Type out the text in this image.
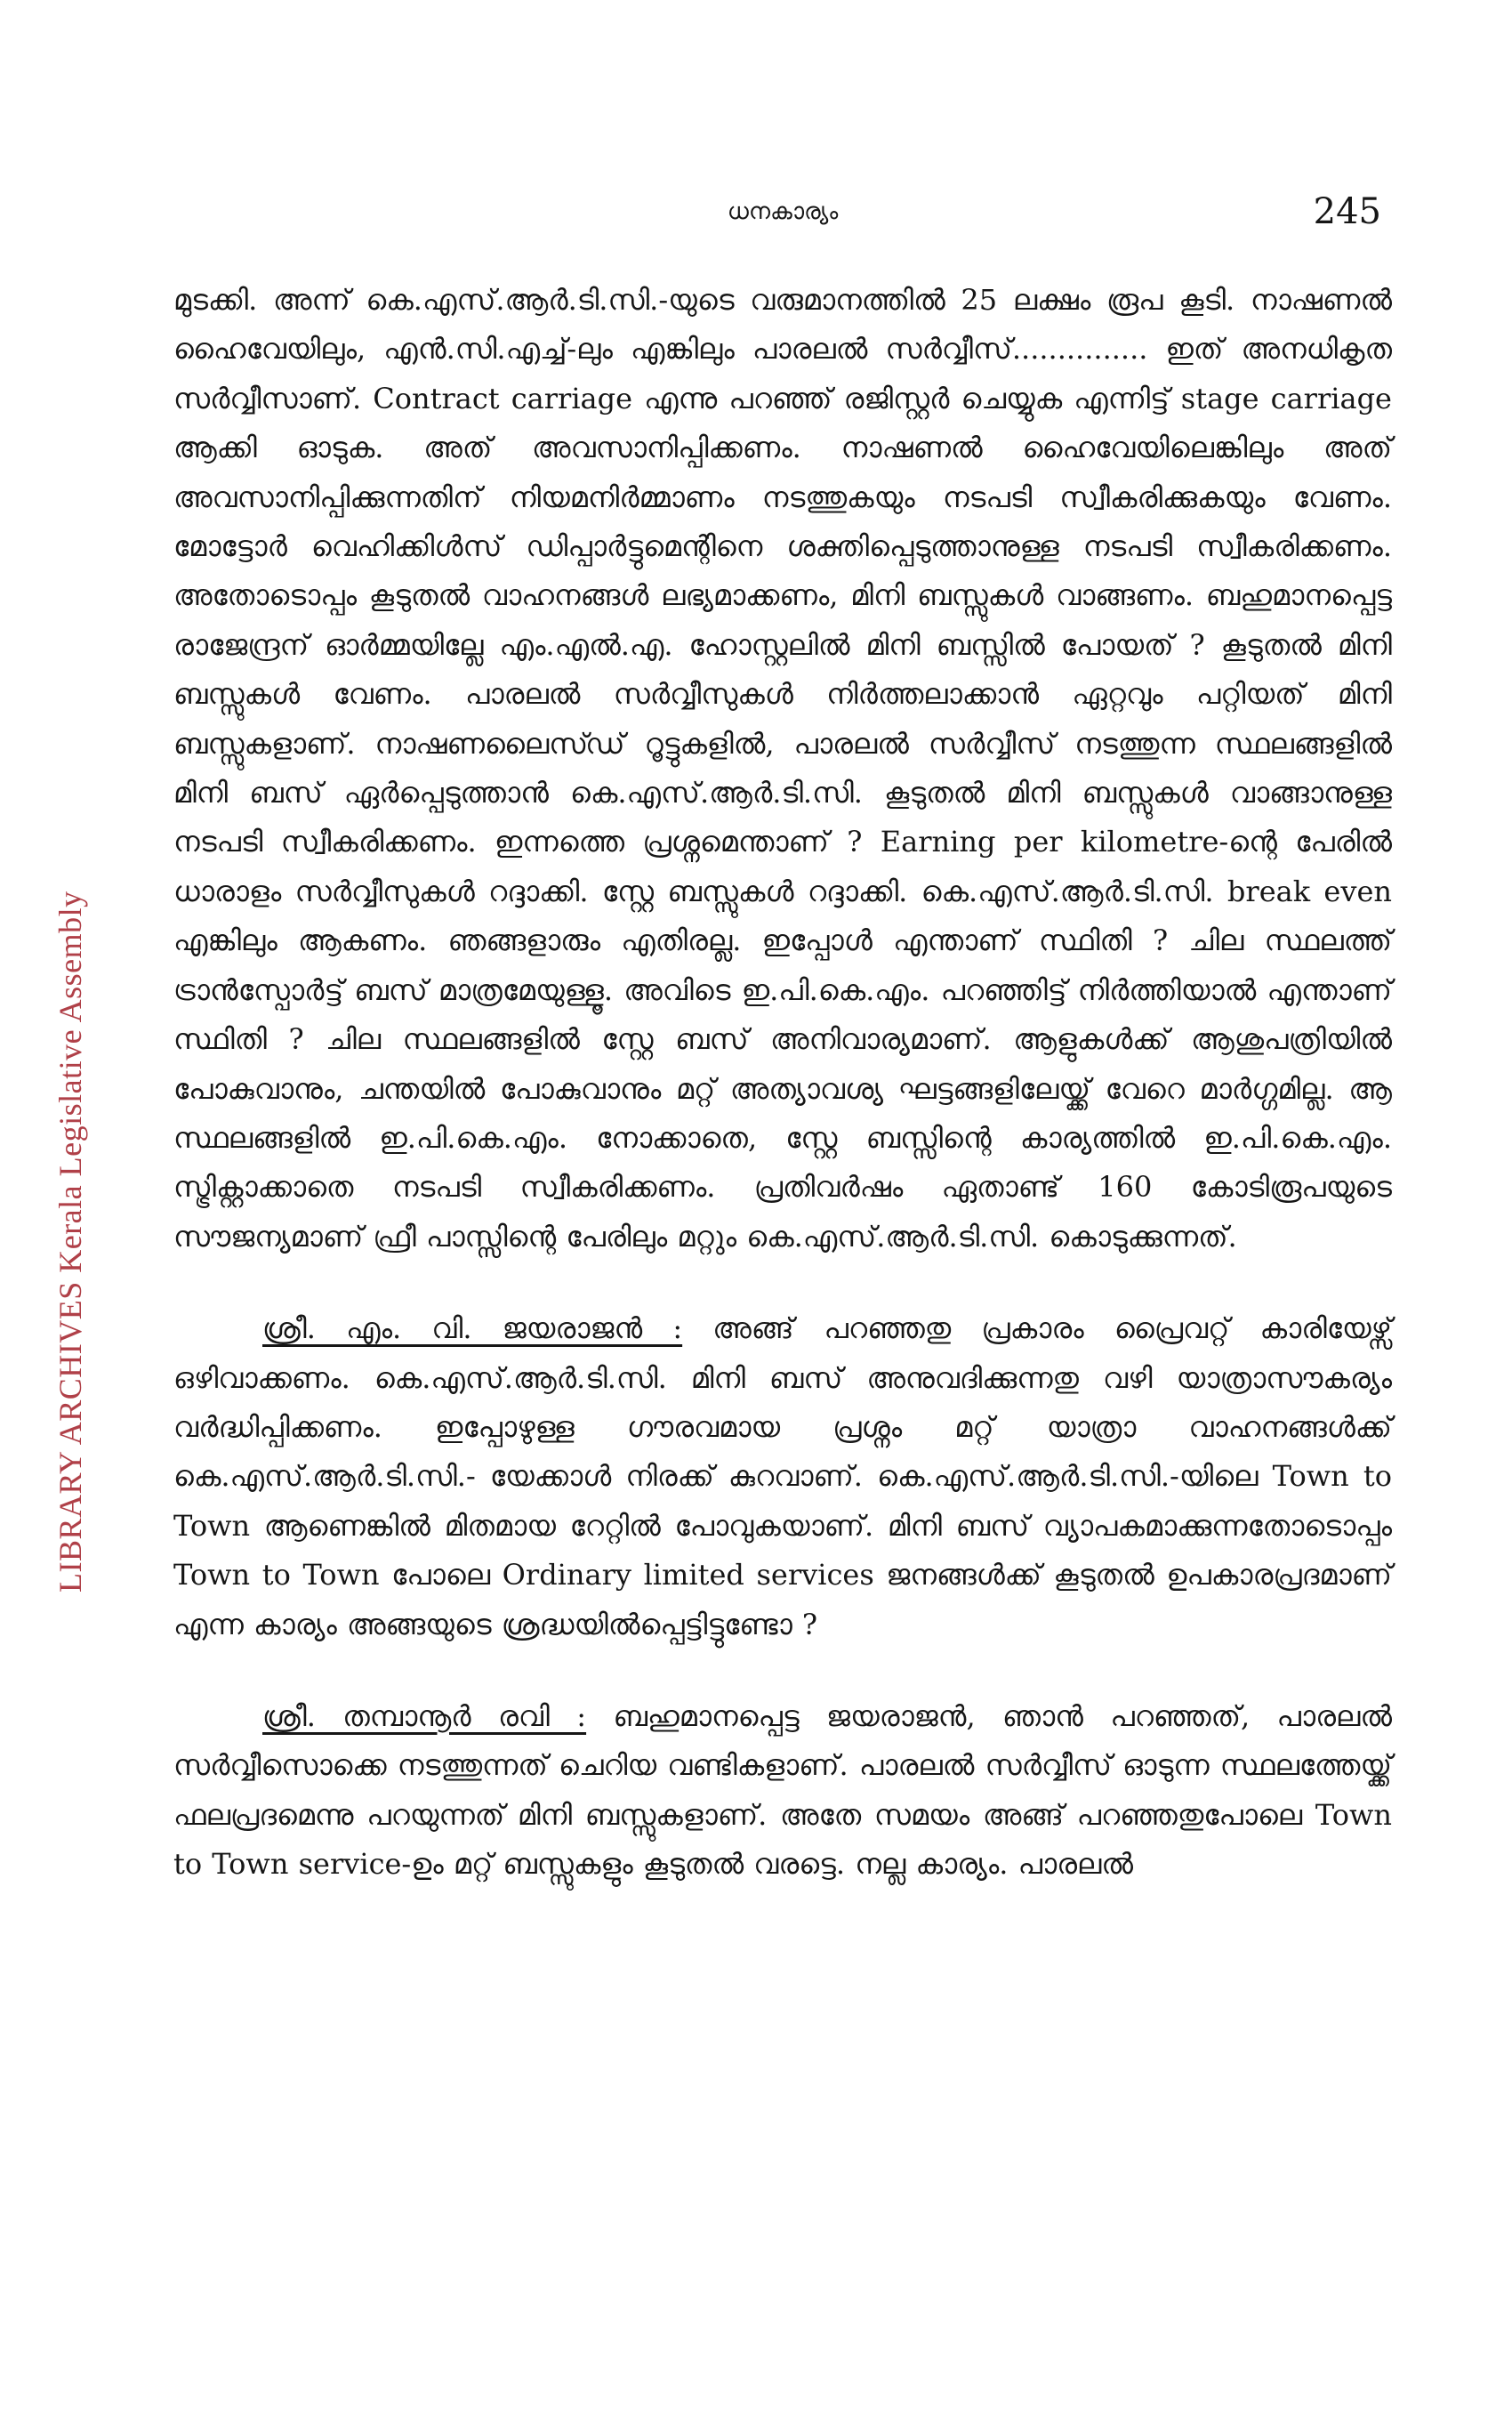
ധനകാര്യം	245
LIBRARY ARCHIVES Kerala Legislative Assembly

മുടക്കി. അന്ന് കെ.എസ്.ആർ.ടി.സി.-യുടെ വരുമാനത്തിൽ 25 ലക്ഷം രൂപ കൂടി. നാഷണൽ ഹൈവേയിലും, എൻ.സി.എച്ച്-ലും എങ്കിലും പാരലൽ സർവ്വീസ്............... ഇത് അനധികൃത സർവ്വീസാണ്. Contract carriage എന്നു പറഞ്ഞ് രജിസ്റ്റർ ചെയ്യുക എന്നിട്ട് stage carriage ആക്കി ഓടുക. അത് അവസാനിപ്പിക്കണം. നാഷണൽ ഹൈവേയിലെങ്കിലും അത് അവസാനിപ്പിക്കുന്നതിന് നിയമനിർമ്മാണം നടത്തുകയും നടപടി സ്വീകരിക്കുകയും വേണം. മോട്ടോർ വെഹിക്കിൾസ് ഡിപ്പാർട്ടുമെന്റിനെ ശക്തിപ്പെടുത്താനുള്ള നടപടി സ്വീകരിക്കണം. അതോടൊപ്പം കൂടുതൽ വാഹനങ്ങൾ ലഭ്യമാക്കണം, മിനി ബസ്സുകൾ വാങ്ങണം. ബഹുമാനപ്പെട്ട രാജേന്ദ്രന് ഓർമ്മയില്ലേ എം.എൽ.എ. ഹോസ്റ്റലിൽ മിനി ബസ്സിൽ പോയത് ? കൂടുതൽ മിനി ബസ്സുകൾ വേണം. പാരലൽ സർവ്വീസുകൾ നിർത്തലാക്കാൻ ഏറ്റവും പറ്റിയത് മിനി ബസ്സുകളാണ്. നാഷണലൈസ്ഡ് റൂട്ടുകളിൽ, പാരലൽ സർവ്വീസ് നടത്തുന്ന സ്ഥലങ്ങളിൽ മിനി ബസ് ഏർപ്പെടുത്താൻ കെ.എസ്.ആർ.ടി.സി. കൂടുതൽ മിനി ബസ്സുകൾ വാങ്ങാനുള്ള നടപടി സ്വീകരിക്കണം. ഇന്നത്തെ പ്രശ്നമെന്താണ് ? Earning per kilometre-ന്റെ പേരിൽ ധാരാളം സർവ്വീസുകൾ റദ്ദാക്കി. സ്റ്റേ ബസ്സുകൾ റദ്ദാക്കി. കെ.എസ്.ആർ.ടി.സി. break even എങ്കിലും ആകണം. ഞങ്ങളാരും എതിരല്ല. ഇപ്പോൾ എന്താണ് സ്ഥിതി ? ചില സ്ഥലത്ത് ട്രാൻസ്പോർട്ട് ബസ് മാത്രമേയുള്ളൂ. അവിടെ ഇ.പി.കെ.എം. പറഞ്ഞിട്ട് നിർത്തിയാൽ എന്താണ് സ്ഥിതി ? ചില സ്ഥലങ്ങളിൽ സ്റ്റേ ബസ് അനിവാര്യമാണ്. ആളുകൾക്ക് ആശുപത്രിയിൽ പോകുവാനും, ചന്തയിൽ പോകുവാനും മറ്റ് അത്യാവശ്യ ഘട്ടങ്ങളിലേയ്ക്ക് വേറെ മാർഗ്ഗമില്ല. ആ സ്ഥലങ്ങളിൽ ഇ.പി.കെ.എം. നോക്കാതെ, സ്റ്റേ ബസ്സിന്റെ കാര്യത്തിൽ ഇ.പി.കെ.എം. സ്ട്രിക്റ്റാക്കാതെ നടപടി സ്വീകരിക്കണം. പ്രതിവർഷം ഏതാണ്ട് 160 കോടിരൂപയുടെ സൗജന്യമാണ് ഫ്രീ പാസ്സിന്റെ പേരിലും മറ്റും കെ.എസ്.ആർ.ടി.സി. കൊടുക്കുന്നത്.

ശ്രീ. എം. വി. ജയരാജൻ : അങ്ങ് പറഞ്ഞതു പ്രകാരം പ്രൈവറ്റ് കാരിയേഴ്സ് ഒഴിവാക്കണം. കെ.എസ്.ആർ.ടി.സി. മിനി ബസ് അനുവദിക്കുന്നതു വഴി യാത്രാസൗകര്യം വർദ്ധിപ്പിക്കണം. ഇപ്പോഴുള്ള ഗൗരവമായ പ്രശ്നം മറ്റ് യാത്രാ വാഹനങ്ങൾക്ക് കെ.എസ്.ആർ.ടി.സി.- യേക്കാൾ നിരക്ക് കുറവാണ്. കെ.എസ്.ആർ.ടി.സി.-യിലെ Town to Town ആണെങ്കിൽ മിതമായ റേറ്റിൽ പോവുകയാണ്. മിനി ബസ് വ്യാപകമാക്കുന്നതോടൊപ്പം Town to Town പോലെ Ordinary limited services ജനങ്ങൾക്ക് കൂടുതൽ ഉപകാരപ്രദമാണ് എന്ന കാര്യം അങ്ങയുടെ ശ്രദ്ധയിൽപ്പെട്ടിട്ടുണ്ടോ ?

ശ്രീ. തമ്പാനൂർ രവി : ബഹുമാനപ്പെട്ട ജയരാജൻ, ഞാൻ പറഞ്ഞത്, പാരലൽ സർവ്വീസൊക്കെ നടത്തുന്നത് ചെറിയ വണ്ടികളാണ്. പാരലൽ സർവ്വീസ് ഓടുന്ന സ്ഥലത്തേയ്ക്ക് ഫലപ്രദമെന്നു പറയുന്നത് മിനി ബസ്സുകളാണ്. അതേ സമയം അങ്ങ് പറഞ്ഞതുപോലെ Town to Town service-ഉം മറ്റ് ബസ്സുകളും കൂടുതൽ വരട്ടെ. നല്ല കാര്യം. പാരലൽ
